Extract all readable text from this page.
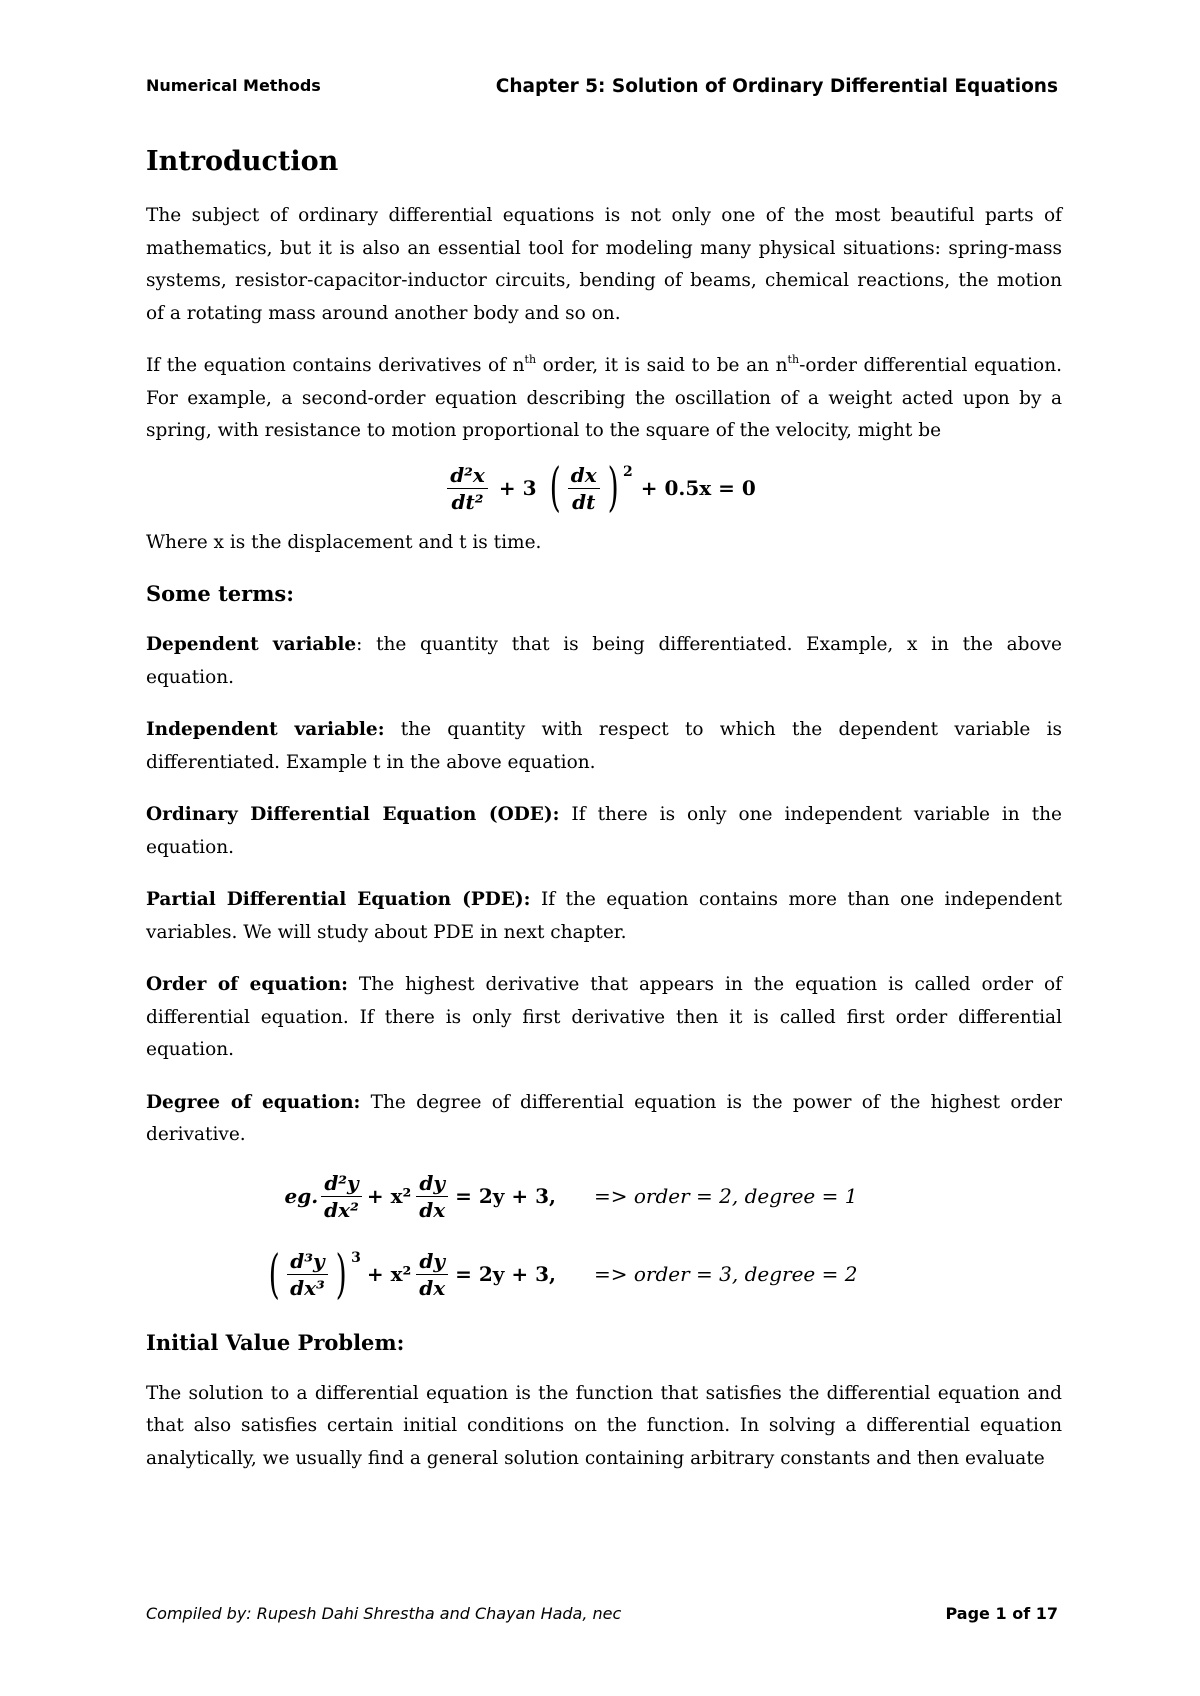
Numerical Methods	Chapter 5: Solution of Ordinary Differential Equations
Introduction

The subject of ordinary differential equations is not only one of the most beautiful parts of mathematics, but it is also an essential tool for modeling many physical situations: spring-mass systems, resistor-capacitor-inductor circuits, bending of beams, chemical reactions, the motion of a rotating mass around another body and so on.

If the equation contains derivatives of $n^{th}$ order, it is said to be an $n^{th}$-order differential equation. For example, a second-order equation describing the oscillation of a weight acted upon by a spring, with resistance to motion proportional to the square of the velocity, might be

$\frac{\text{d²x}}{\text{dt²}} + 3$ ( $\frac{dx}{dt}$ ) 2
+ 0.5x = 0

Where x is the displacement and t is time.

Some terms:

Dependent variable: the quantity that is being differentiated. Example, x in the above equation.

Independent variable: the quantity with respect to which the dependent variable is differentiated. Example t in the above equation.

Ordinary Differential Equation (ODE): If there is only one independent variable in the equation.

Partial Differential Equation (PDE): If the equation contains more than one independent variables. We will study about PDE in next chapter.

Order of equation: The highest derivative that appears in the equation is called order of differential equation. If there is only first derivative then it is called first order differential equation.

Degree of equation: The degree of differential equation is the power of the highest order derivative.

eg. $\frac{\text{d²y}}{\text{dx²}} + x^2 \frac{dy}{dx} = 2y + 3$, => order = 2, degree = 1
( $\frac{\text{d³y}}{\text{dx³}}$ ) 3
+ $x^2 \frac{dy}{dx} = 2y + 3$, => order = 3, degree = 2
Initial Value Problem:

The solution to a differential equation is the function that satisfies the differential equation and that also satisfies certain initial conditions on the function. In solving a differential equation analytically, we usually find a general solution containing arbitrary constants and then evaluate

Compiled by: Rupesh Dahi Shrestha and Chayan Hada, nec	Page 1 of 17
